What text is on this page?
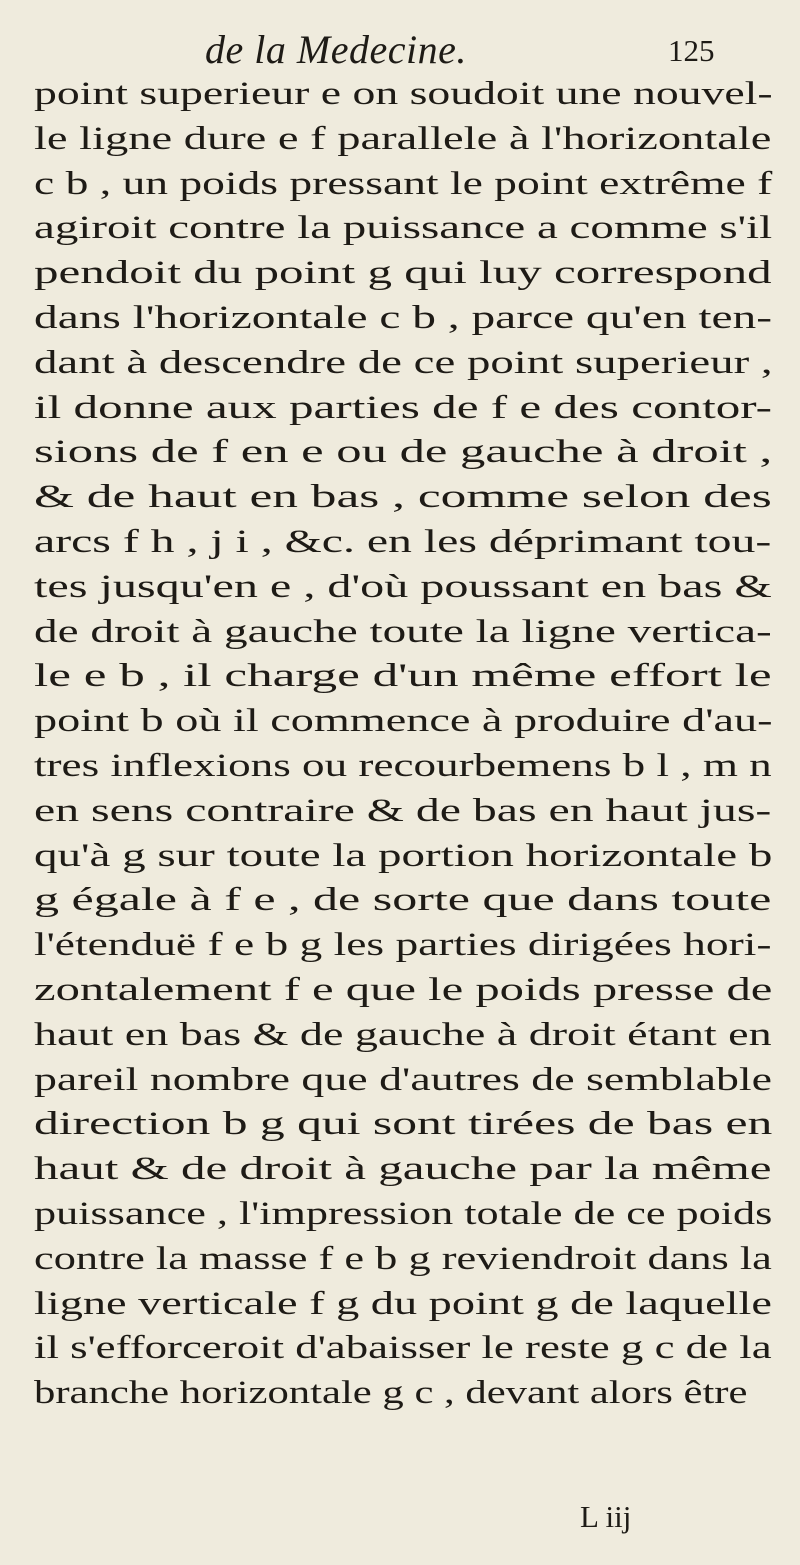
de la Medecine.	125
point superieur e on soudoit une nouvel-
le ligne dure e f parallele à l'horizontale
c b , un poids pressant le point extrême f
agiroit contre la puissance a comme s'il
pendoit du point g qui luy correspond
dans l'horizontale c b , parce qu'en ten-
dant à descendre de ce point superieur ,
il donne aux parties de f e des contor-
sions de f en e ou de gauche à droit ,
& de haut en bas , comme selon des
arcs f h , j i , &c. en les déprimant tou-
tes jusqu'en e , d'où poussant en bas &
de droit à gauche toute la ligne vertica-
le e b , il charge d'un même effort le
point b où il commence à produire d'au-
tres inflexions ou recourbemens b l , m n
en sens contraire & de bas en haut jus-
qu'à g sur toute la portion horizontale b
g égale à f e , de sorte que dans toute
l'étenduë f e b g les parties dirigées hori-
zontalement f e que le poids presse de
haut en bas & de gauche à droit étant en
pareil nombre que d'autres de semblable
direction b g qui sont tirées de bas en
haut & de droit à gauche par la même
puissance , l'impression totale de ce poids
contre la masse f e b g reviendroit dans la
ligne verticale f g du point g de laquelle
il s'efforceroit d'abaisser le reste g c de la
branche horizontale g c , devant alors être
L iij
